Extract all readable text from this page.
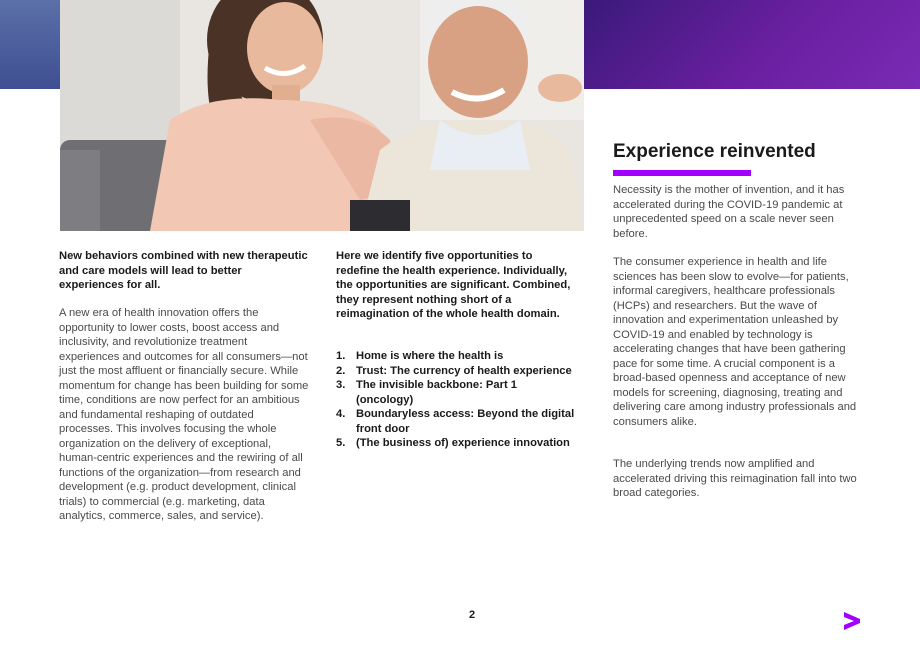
New behaviors combined with new therapeutic and care models will lead to better experiences for all.
A new era of health innovation offers the opportunity to lower costs, boost access and inclusivity, and revolutionize treatment experiences and outcomes for all consumers—not just the most affluent or financially secure. While momentum for change has been building for some time, conditions are now perfect for an ambitious and fundamental reshaping of outdated processes. This involves focusing the whole organization on the delivery of exceptional, human-centric experiences and the rewiring of all functions of the organization—from research and development (e.g. product development, clinical trials) to commercial (e.g. marketing, data analytics, commerce, sales, and service).
Here we identify five opportunities to redefine the health experience. Individually, the opportunities are significant. Combined, they represent nothing short of a reimagination of the whole health domain.
1. Home is where the health is
2. Trust: The currency of health experience
3. The invisible backbone: Part 1 (oncology)
4. Boundaryless access: Beyond the digital front door
5. (The business of) experience innovation
Experience reinvented
Necessity is the mother of invention, and it has accelerated during the COVID-19 pandemic at unprecedented speed on a scale never seen before.
The consumer experience in health and life sciences has been slow to evolve—for patients, informal caregivers, healthcare professionals (HCPs) and researchers. But the wave of innovation and experimentation unleashed by COVID-19 and enabled by technology is accelerating changes that have been gathering pace for some time. A crucial component is a broad-based openness and acceptance of new models for screening, diagnosing, treating and delivering care among industry professionals and consumers alike.
The underlying trends now amplified and accelerated driving this reimagination fall into two broad categories.
2
